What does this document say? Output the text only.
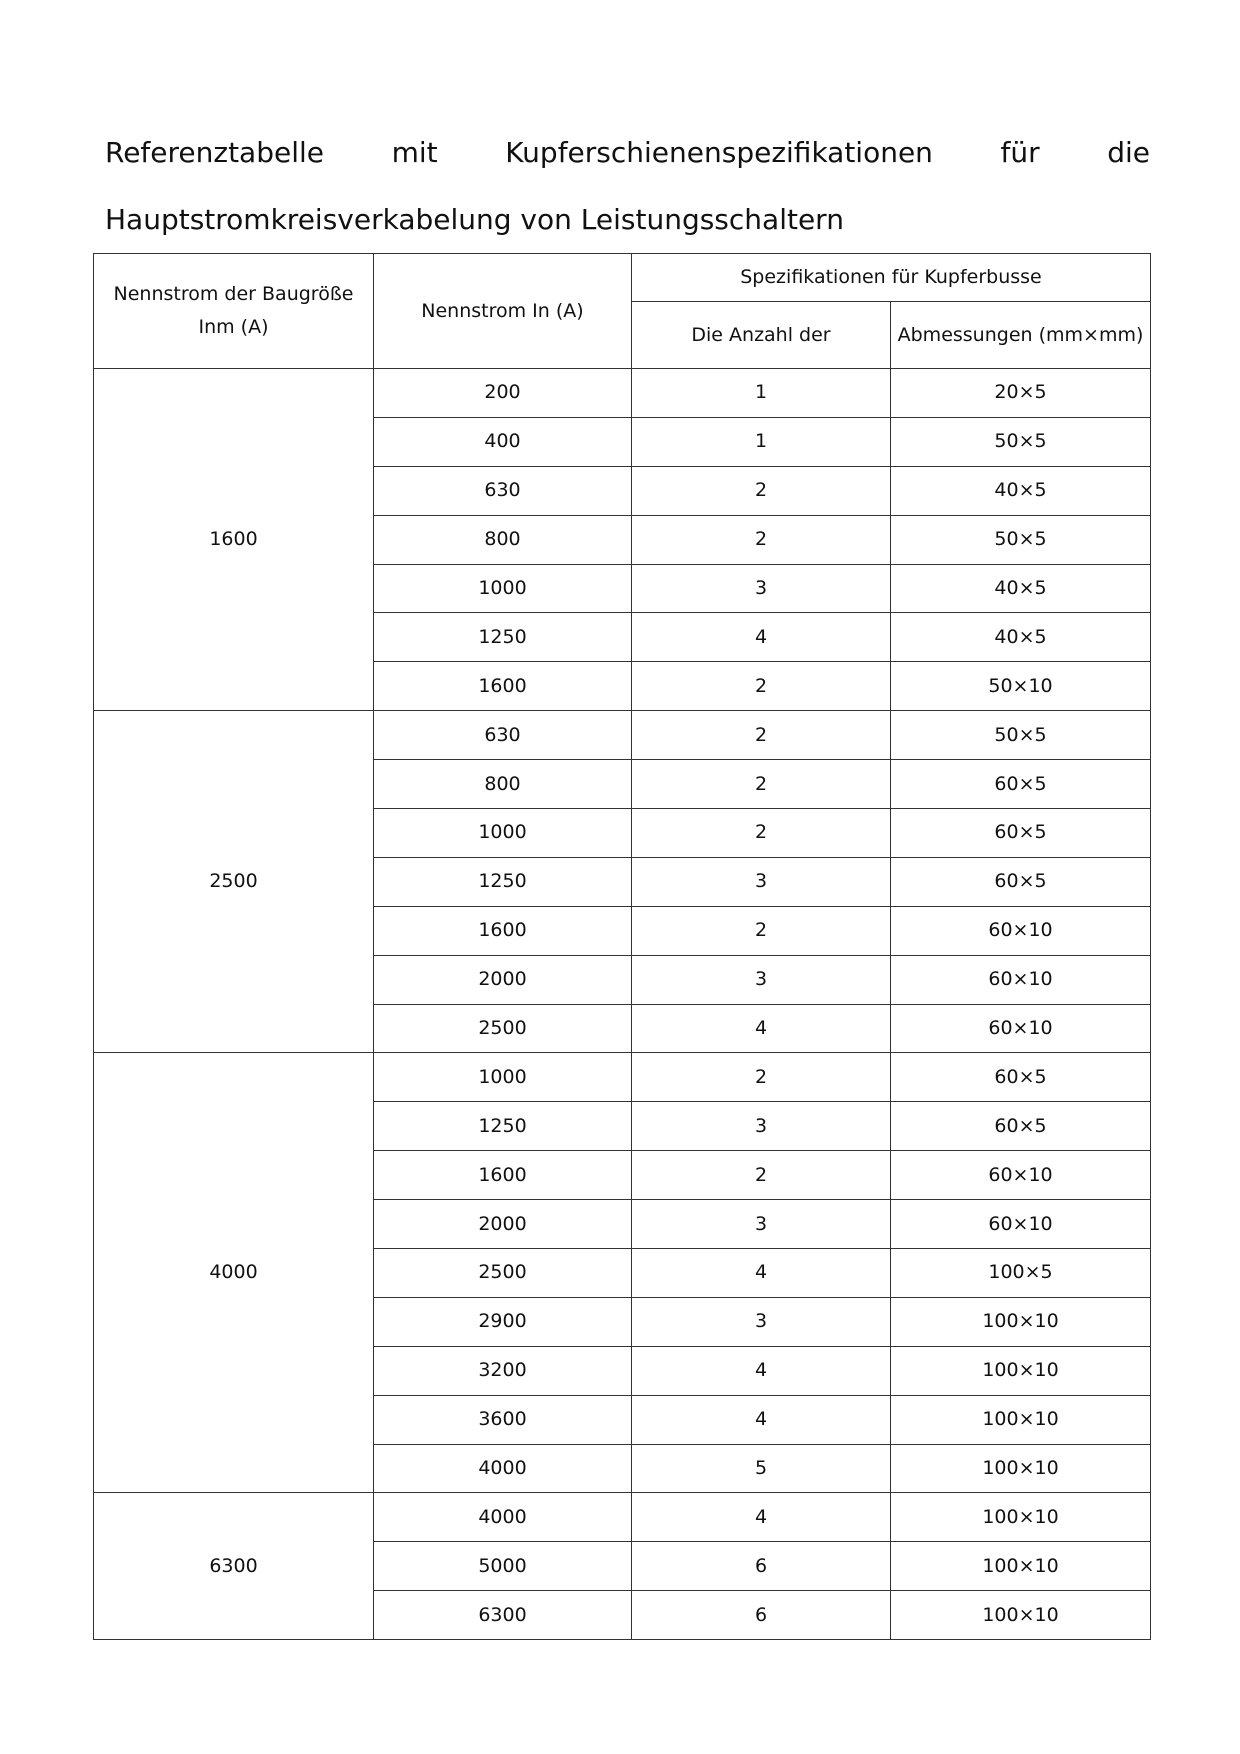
Referenztabelle mit Kupferschienenspezifikationen für die
Hauptstromkreisverkabelung von Leistungsschaltern
Nennstrom der Baugröße Inm (A)	Nennstrom In (A)	Spezifikationen für Kupferbusse	
		Die Anzahl der	Abmessungen (mm×mm)
1600	200	1	20×5
	400	1	50×5
	630	2	40×5
	800	2	50×5
	1000	3	40×5
	1250	4	40×5
	1600	2	50×10
2500	630	2	50×5
	800	2	60×5
	1000	2	60×5
	1250	3	60×5
	1600	2	60×10
	2000	3	60×10
	2500	4	60×10
4000	1000	2	60×5
	1250	3	60×5
	1600	2	60×10
	2000	3	60×10
	2500	4	100×5
	2900	3	100×10
	3200	4	100×10
	3600	4	100×10
	4000	5	100×10
6300	4000	4	100×10
	5000	6	100×10
	6300	6	100×10
